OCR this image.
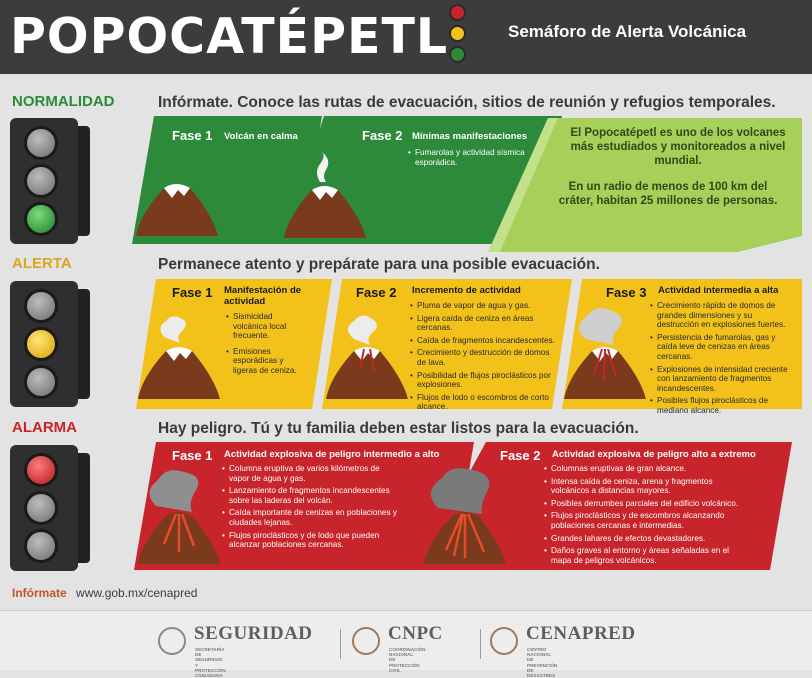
POPOCATÉPETL	Semáforo de Alerta Volcánica
NORMALIDAD	Infórmate. Conoce las rutas de evacuación, sitios de reunión y refugios temporales.
Fase 1 Volcán en calma	Fase 2 Mínimas manifestaciones
• Fumarolas y actividad sísmica esporádica.
El Popocatépetl es uno de los volcanes más estudiados y monitoreados a nivel mundial.
En un radio de menos de 100 km del cráter, habitan 25 millones de personas.
ALERTA	Permanece atento y prepárate para una posible evacuación.
Fase 1 Manifestación de actividad
• Sismicidad volcánica local frecuente.
• Emisiones esporádicas y ligeras de ceniza.
Fase 2 Incremento de actividad
• Pluma de vapor de agua y gas.
• Ligera caída de ceniza en áreas cercanas.
• Caída de fragmentos incandescentes.
• Crecimiento y destrucción de domos de lava.
• Posibilidad de flujos piroclásticos por explosiones.
• Flujos de lodo o escombros de corto alcance.
Fase 3 Actividad intermedia a alta
• Crecimiento rápido de domos de grandes dimensiones y su destrucción en explosiones fuertes.
• Persistencia de fumarolas, gas y caída leve de cenizas en áreas cercanas.
• Explosiones de intensidad creciente con lanzamiento de fragmentos incandescentes.
• Posibles flujos piroclásticos de mediano alcance.
ALARMA	Hay peligro. Tú y tu familia deben estar listos para la evacuación.
Fase 1 Actividad explosiva de peligro intermedio a alto
• Columna eruptiva de varios kilómetros de vapor de agua y gas.
• Lanzamiento de fragmentos incandescentes sobre las laderas del volcán.
• Caída importante de cenizas en poblaciones y ciudades lejanas.
• Flujos piroclásticos y de lodo que pueden alcanzar poblaciones cercanas.
Fase 2 Actividad explosiva de peligro alto a extremo
• Columnas eruptivas de gran alcance.
• Intensa caída de ceniza, arena y fragmentos volcánicos a distancias mayores.
• Posibles derrumbes parciales del edificio volcánico.
• Flujos piroclásticos y de escombros alcanzando poblaciones cercanas e intermedias.
• Grandes lahares de efectos devastadores.
• Daños graves al entorno y áreas señaladas en el mapa de peligros volcánicos.
Infórmate www.gob.mx/cenapred
SEGURIDAD
SECRETARÍA DE SEGURIDAD
Y PROTECCIÓN CIUDADANA
CNPC
COORDINACIÓN NACIONAL
DE PROTECCIÓN CIVIL
CENAPRED
CENTRO NACIONAL DE
PREVENCIÓN DE DESASTRES
